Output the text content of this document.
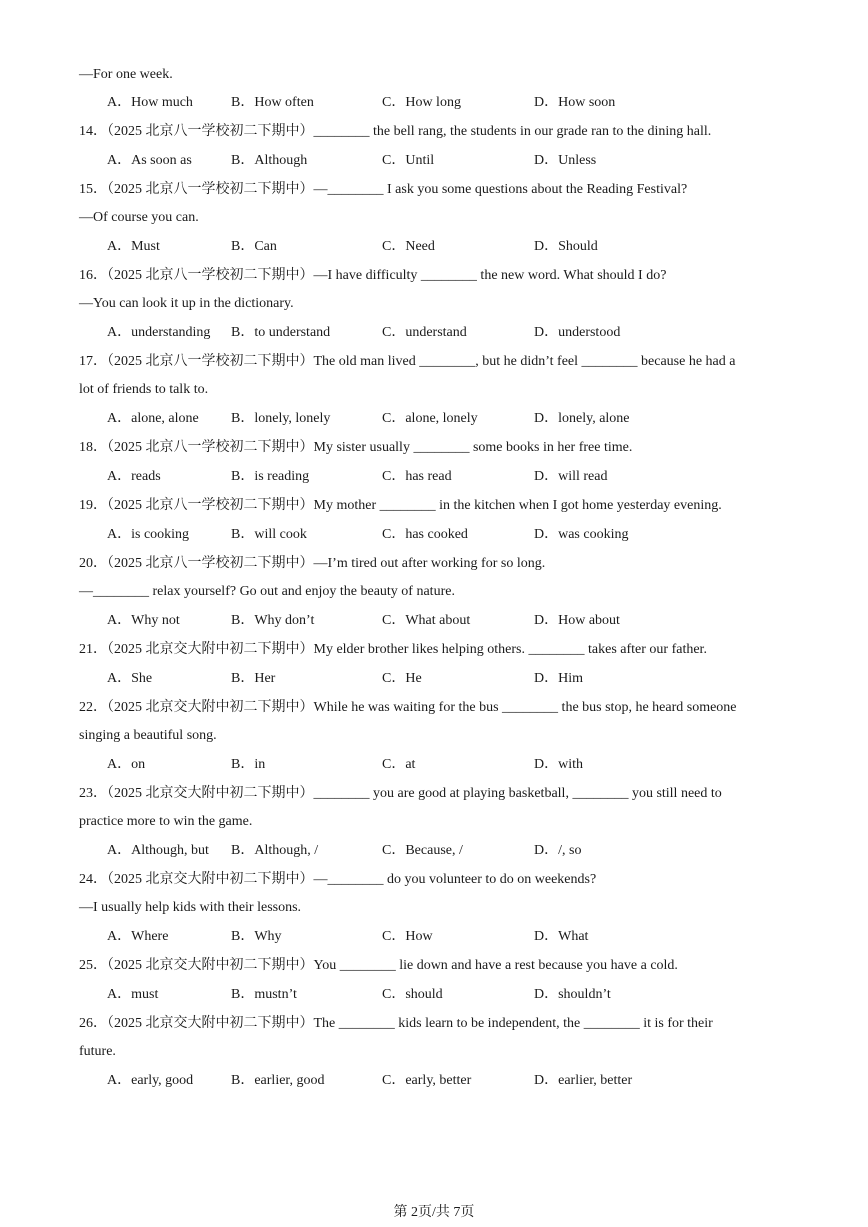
—For one week.
A．How much	B．How often	C．How long	D．How soon
14．（2025 北京八一学校初二下期中）________ the bell rang, the students in our grade ran to the dining hall.
A．As soon as	B．Although	C．Until	D．Unless
15．（2025 北京八一学校初二下期中）—________ I ask you some questions about the Reading Festival?
—Of course you can.
A．Must	B．Can	C．Need	D．Should
16．（2025 北京八一学校初二下期中）—I have difficulty ________ the new word. What should I do?
—You can look it up in the dictionary.
A．understanding B．to understand	C．understand	D．understood
17．（2025 北京八一学校初二下期中）The old man lived ________, but he didn’t feel ________ because he had a
lot of friends to talk to.
A．alone, alone B．lonely, lonely	C．alone, lonely	D．lonely, alone
18．（2025 北京八一学校初二下期中）My sister usually ________ some books in her free time.
A．reads	B．is reading	C．has read	D．will read
19．（2025 北京八一学校初二下期中）My mother ________ in the kitchen when I got home yesterday evening.
A．is cooking	B．will cook	C．has cooked	D．was cooking
20．（2025 北京八一学校初二下期中）—I’m tired out after working for so long.
—________ relax yourself? Go out and enjoy the beauty of nature.
A．Why not	B．Why don’t	C．What about	D．How about
21．（2025 北京交大附中初二下期中）My elder brother likes helping others. ________ takes after our father.
A．She	B．Her	C．He	D．Him
22．（2025 北京交大附中初二下期中）While he was waiting for the bus ________ the bus stop, he heard someone
singing a beautiful song.
A．on	B．in	C．at	D．with
23．（2025 北京交大附中初二下期中）________ you are good at playing basketball, ________ you still need to
practice more to win the game.
A．Although, but B．Although, /	C．Because, /	D．/, so
24．（2025 北京交大附中初二下期中）—________ do you volunteer to do on weekends?
—I usually help kids with their lessons.
A．Where	B．Why	C．How	D．What
25．（2025 北京交大附中初二下期中）You ________ lie down and have a rest because you have a cold.
A．must	B．mustn’t	C．should	D．shouldn’t
26．（2025 北京交大附中初二下期中）The ________ kids learn to be independent, the ________ it is for their
future.
A．early, good	B．earlier, good	C．early, better	D．earlier, better
第 2页/共 7页
